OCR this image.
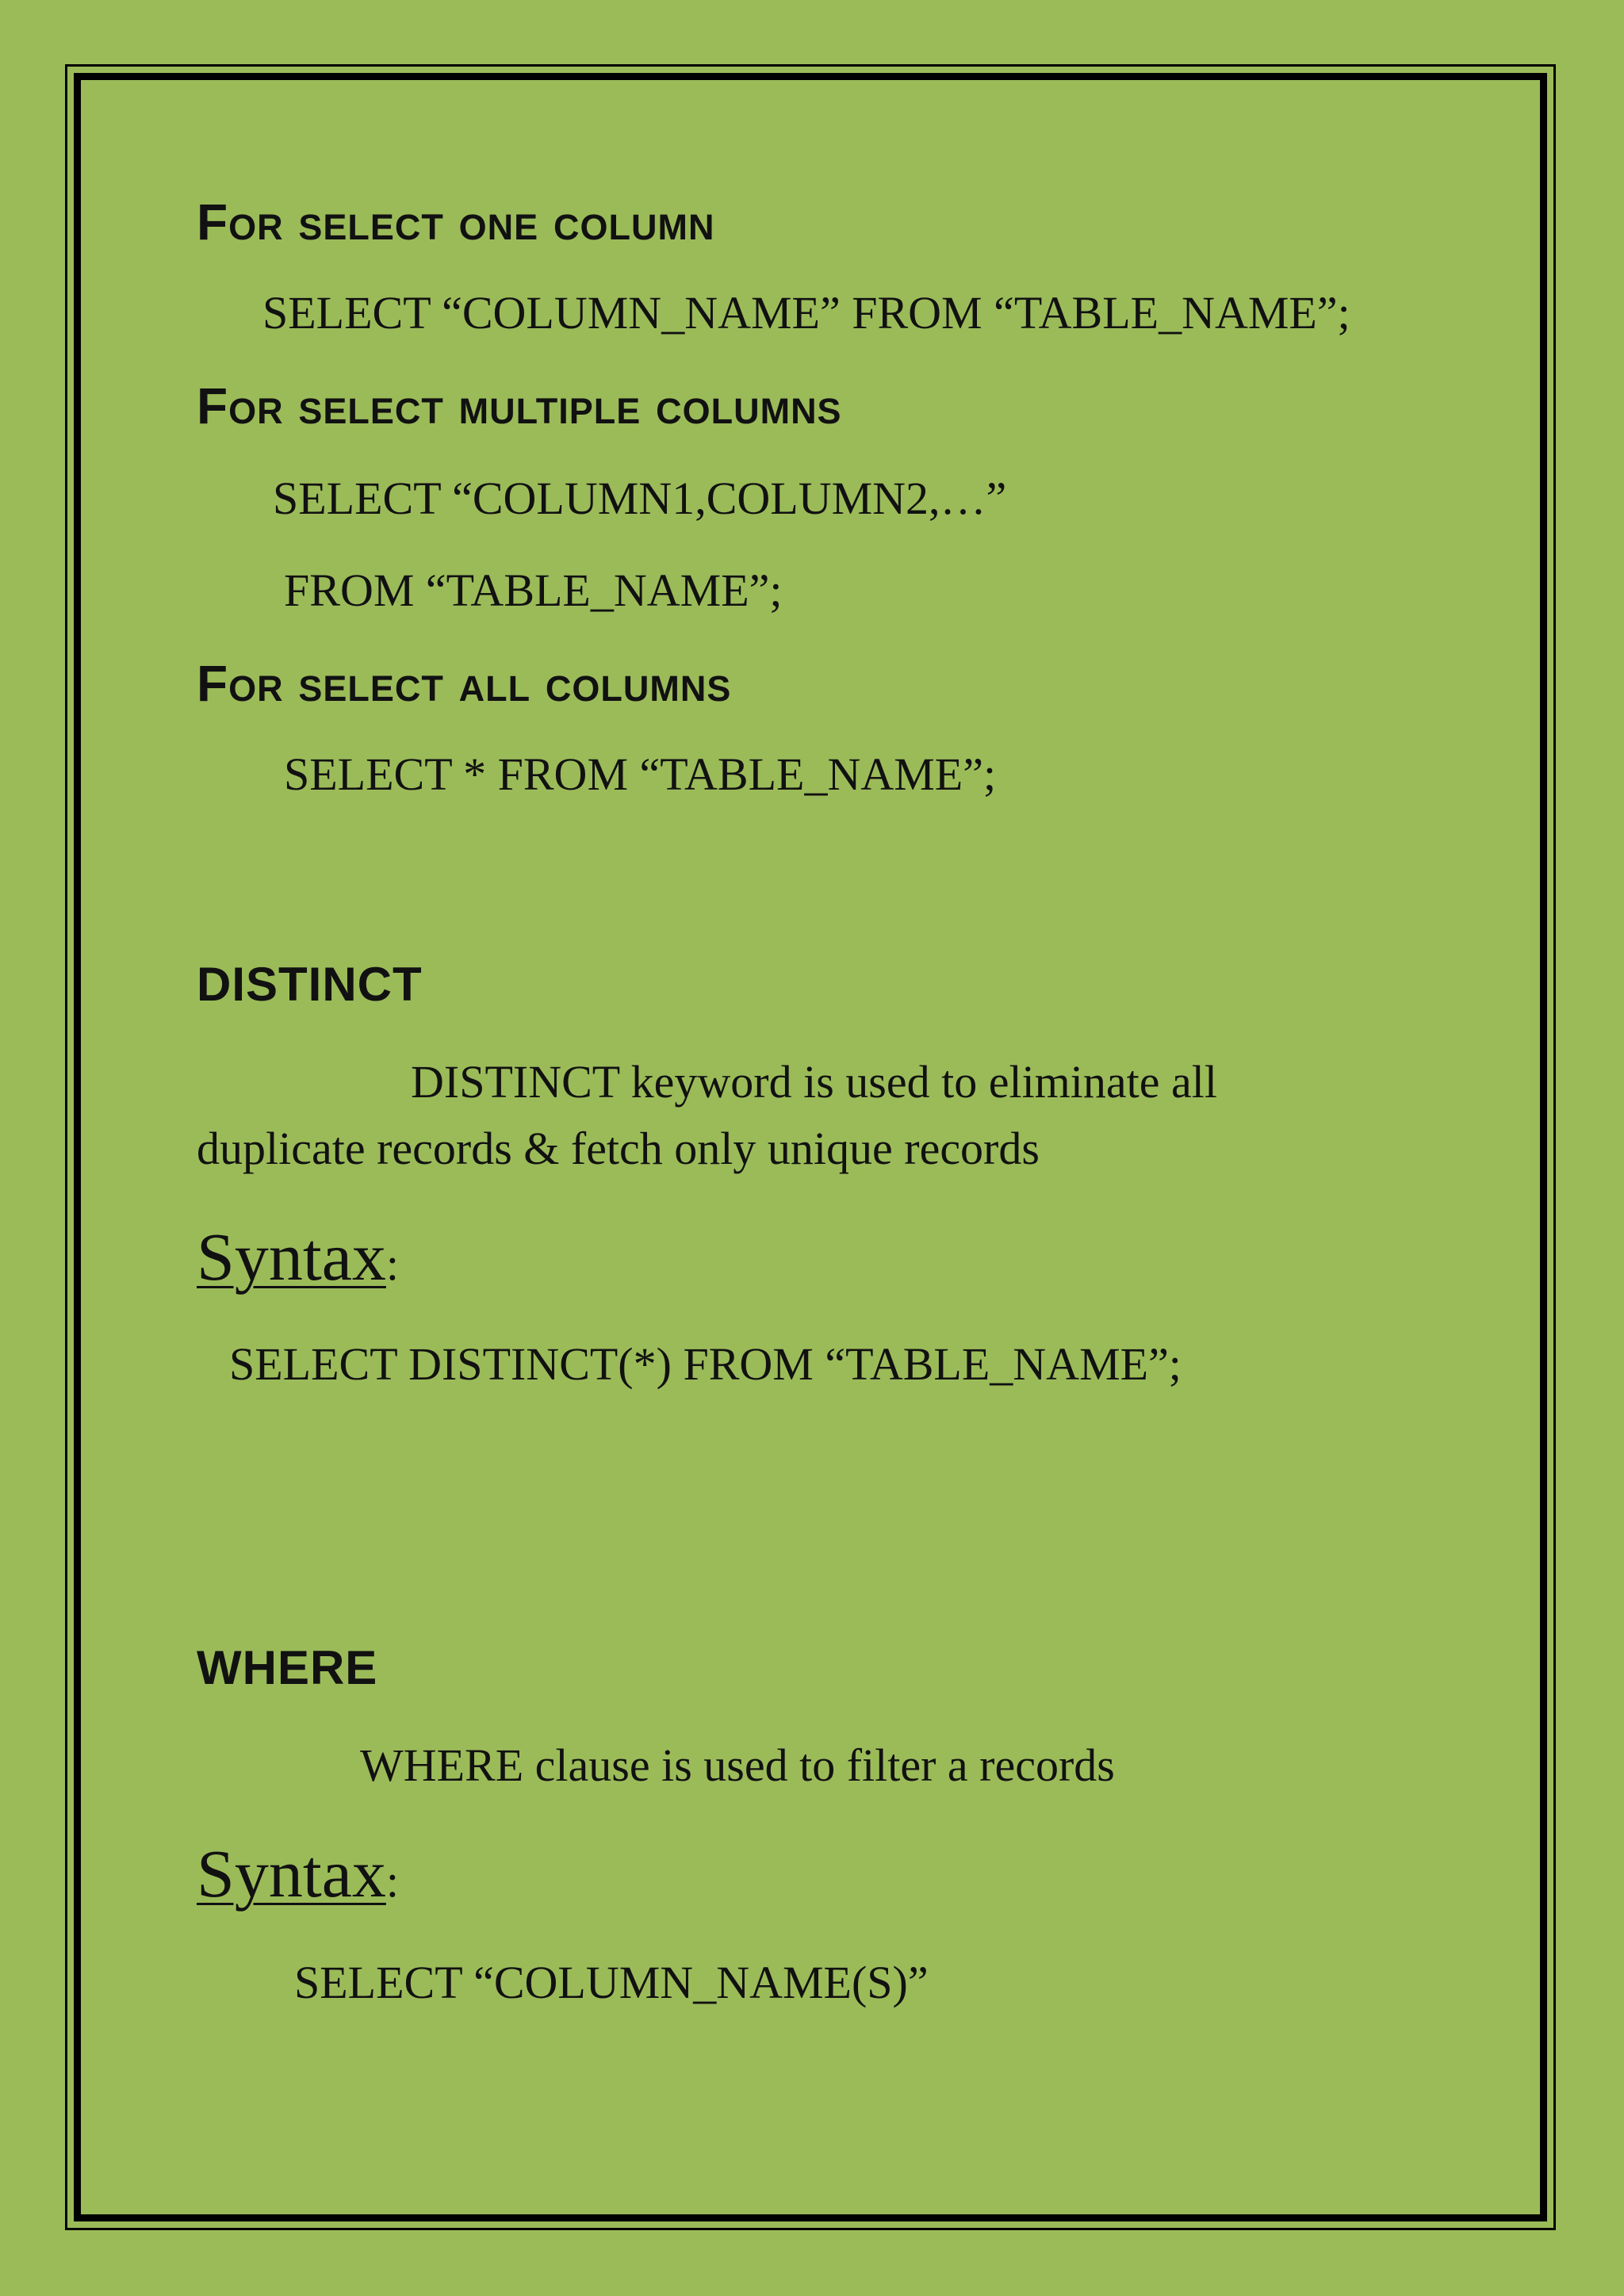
For select one column

SELECT “COLUMN_NAME” FROM “TABLE_NAME”;

For select multiple columns

SELECT “COLUMN1,COLUMN2,…”

FROM “TABLE_NAME”;

For select all columns

SELECT * FROM “TABLE_NAME”;

DISTINCT

DISTINCT keyword is used to eliminate all

duplicate records & fetch only unique records

Syntax:

SELECT DISTINCT(*) FROM “TABLE_NAME”;

WHERE

WHERE clause is used to filter a records

Syntax:

SELECT “COLUMN_NAME(S)”
